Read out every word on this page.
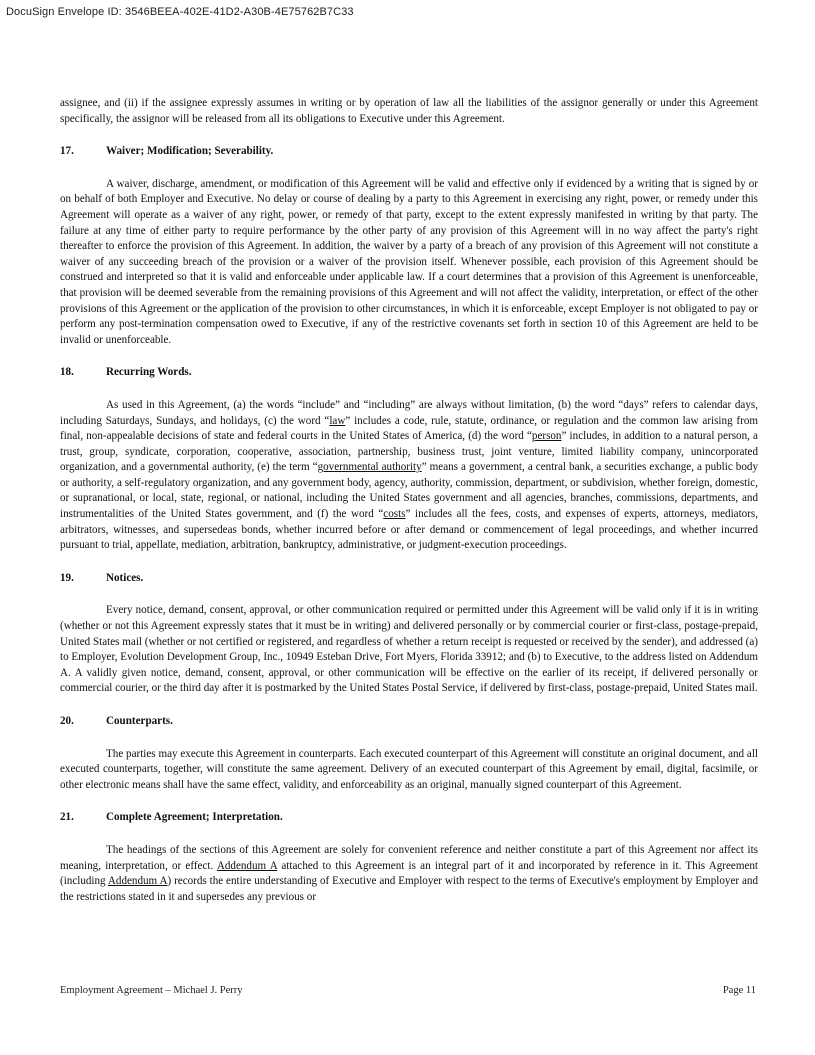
DocuSign Envelope ID: 3546BEEA-402E-41D2-A30B-4E75762B7C33

assignee, and (ii) if the assignee expressly assumes in writing or by operation of law all the liabilities of the assignor generally or under this Agreement specifically, the assignor will be released from all its obligations to Executive under this Agreement.

17.	Waiver; Modification; Severability.

A waiver, discharge, amendment, or modification of this Agreement will be valid and effective only if evidenced by a writing that is signed by or on behalf of both Employer and Executive. No delay or course of dealing by a party to this Agreement in exercising any right, power, or remedy under this Agreement will operate as a waiver of any right, power, or remedy of that party, except to the extent expressly manifested in writing by that party. The failure at any time of either party to require performance by the other party of any provision of this Agreement will in no way affect the party's right thereafter to enforce the provision of this Agreement. In addition, the waiver by a party of a breach of any provision of this Agreement will not constitute a waiver of any succeeding breach of the provision or a waiver of the provision itself. Whenever possible, each provision of this Agreement should be construed and interpreted so that it is valid and enforceable under applicable law. If a court determines that a provision of this Agreement is unenforceable, that provision will be deemed severable from the remaining provisions of this Agreement and will not affect the validity, interpretation, or effect of the other provisions of this Agreement or the application of the provision to other circumstances, in which it is enforceable, except Employer is not obligated to pay or perform any post-termination compensation owed to Executive, if any of the restrictive covenants set forth in section 10 of this Agreement are held to be invalid or unenforceable.

18.	Recurring Words.

As used in this Agreement, (a) the words “include” and “including” are always without limitation, (b) the word “days” refers to calendar days, including Saturdays, Sundays, and holidays, (c) the word “law” includes a code, rule, statute, ordinance, or regulation and the common law arising from final, non-appealable decisions of state and federal courts in the United States of America, (d) the word “person” includes, in addition to a natural person, a trust, group, syndicate, corporation, cooperative, association, partnership, business trust, joint venture, limited liability company, unincorporated organization, and a governmental authority, (e) the term “governmental authority” means a government, a central bank, a securities exchange, a public body or authority, a self-regulatory organization, and any government body, agency, authority, commission, department, or subdivision, whether foreign, domestic, or supranational, or local, state, regional, or national, including the United States government and all agencies, branches, commissions, departments, and instrumentalities of the United States government, and (f) the word “costs” includes all the fees, costs, and expenses of experts, attorneys, mediators, arbitrators, witnesses, and supersedeas bonds, whether incurred before or after demand or commencement of legal proceedings, and whether incurred pursuant to trial, appellate, mediation, arbitration, bankruptcy, administrative, or judgment-execution proceedings.

19.	Notices.

Every notice, demand, consent, approval, or other communication required or permitted under this Agreement will be valid only if it is in writing (whether or not this Agreement expressly states that it must be in writing) and delivered personally or by commercial courier or first-class, postage-prepaid, United States mail (whether or not certified or registered, and regardless of whether a return receipt is requested or received by the sender), and addressed (a) to Employer, Evolution Development Group, Inc., 10949 Esteban Drive, Fort Myers, Florida 33912; and (b) to Executive, to the address listed on Addendum A. A validly given notice, demand, consent, approval, or other communication will be effective on the earlier of its receipt, if delivered personally or commercial courier, or the third day after it is postmarked by the United States Postal Service, if delivered by first-class, postage-prepaid, United States mail.

20.	Counterparts.

The parties may execute this Agreement in counterparts. Each executed counterpart of this Agreement will constitute an original document, and all executed counterparts, together, will constitute the same agreement. Delivery of an executed counterpart of this Agreement by email, digital, facsimile, or other electronic means shall have the same effect, validity, and enforceability as an original, manually signed counterpart of this Agreement.

21.	Complete Agreement; Interpretation.

The headings of the sections of this Agreement are solely for convenient reference and neither constitute a part of this Agreement nor affect its meaning, interpretation, or effect. Addendum A attached to this Agreement is an integral part of it and incorporated by reference in it. This Agreement (including Addendum A) records the entire understanding of Executive and Employer with respect to the terms of Executive's employment by Employer and the restrictions stated in it and supersedes any previous or

Employment Agreement – Michael J. Perry	Page 11
